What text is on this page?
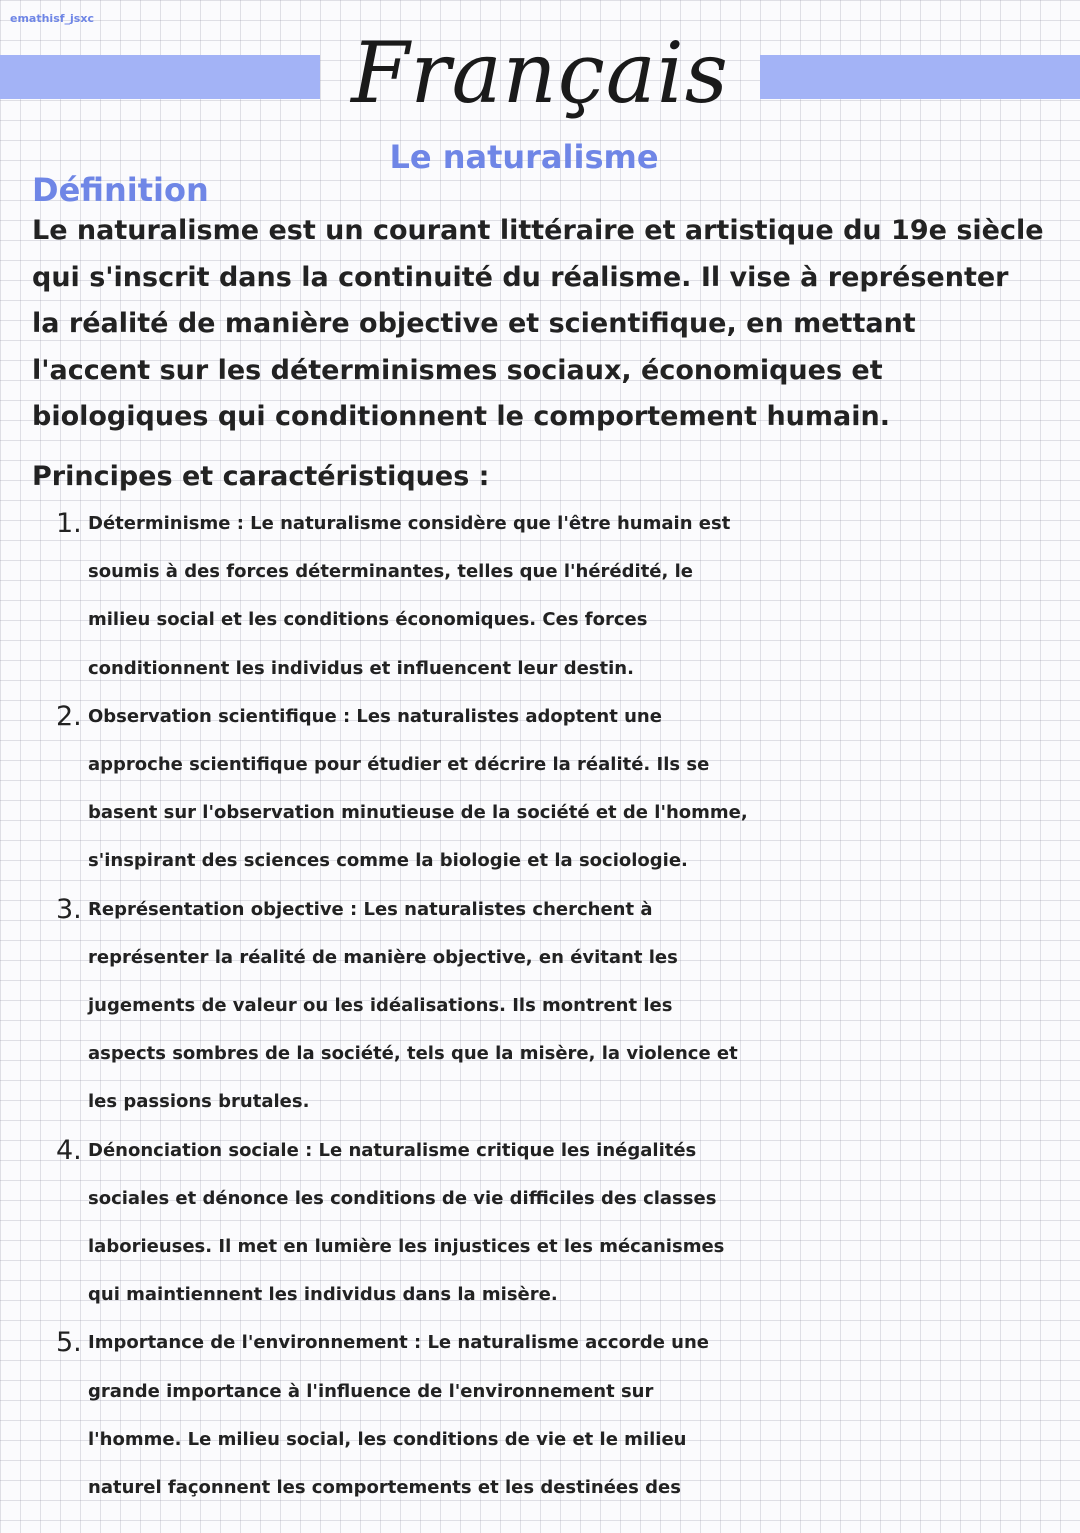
emathisf_jsxc
Français
Le naturalisme
Définition
Le naturalisme est un courant littéraire et artistique du 19e siècle
qui s'inscrit dans la continuité du réalisme. Il vise à représenter
la réalité de manière objective et scientifique, en mettant
l'accent sur les déterminismes sociaux, économiques et
biologiques qui conditionnent le comportement humain.
Principes et caractéristiques :
1. Déterminisme : Le naturalisme considère que l'être humain est
soumis à des forces déterminantes, telles que l'hérédité, le
milieu social et les conditions économiques. Ces forces
conditionnent les individus et influencent leur destin.
2. Observation scientifique : Les naturalistes adoptent une
approche scientifique pour étudier et décrire la réalité. Ils se
basent sur l'observation minutieuse de la société et de l'homme,
s'inspirant des sciences comme la biologie et la sociologie.
3. Représentation objective : Les naturalistes cherchent à
représenter la réalité de manière objective, en évitant les
jugements de valeur ou les idéalisations. Ils montrent les
aspects sombres de la société, tels que la misère, la violence et
les passions brutales.
4. Dénonciation sociale : Le naturalisme critique les inégalités
sociales et dénonce les conditions de vie difficiles des classes
laborieuses. Il met en lumière les injustices et les mécanismes
qui maintiennent les individus dans la misère.
5. Importance de l'environnement : Le naturalisme accorde une
grande importance à l'influence de l'environnement sur
l'homme. Le milieu social, les conditions de vie et le milieu
naturel façonnent les comportements et les destinées des
